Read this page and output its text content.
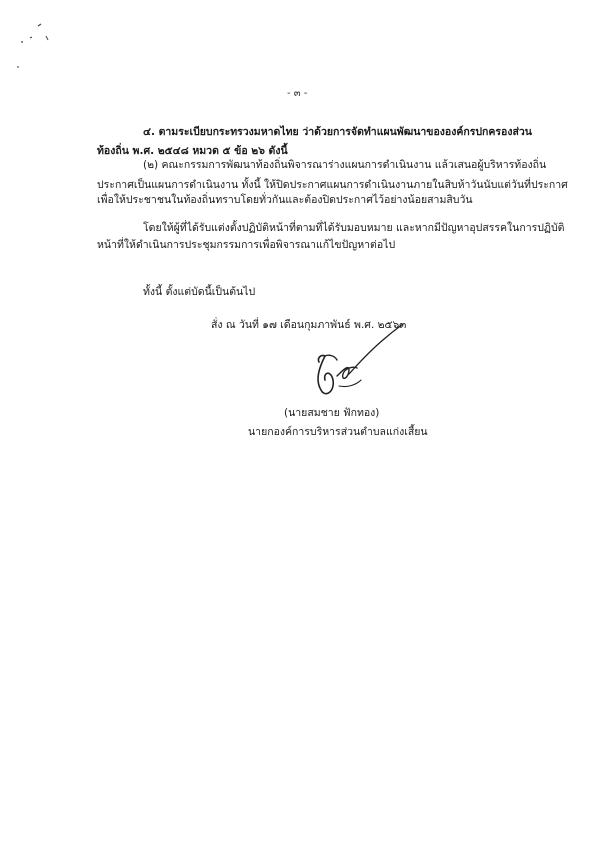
- ๓ -
๔. ตามระเบียบกระทรวงมหาดไทย ว่าด้วยการจัดทำแผนพัฒนาขององค์กรปกครองส่วน
ท้องถิ่น พ.ศ. ๒๕๔๘ หมวด ๕ ข้อ ๒๖ ดังนี้
(๒) คณะกรรมการพัฒนาท้องถิ่นพิจารณาร่างแผนการดำเนินงาน แล้วเสนอผู้บริหารท้องถิ่น
ประกาศเป็นแผนการดำเนินงาน ทั้งนี้ ให้ปิดประกาศแผนการดำเนินงานภายในสิบห้าวันนับแต่วันที่ประกาศ
เพื่อให้ประชาชนในท้องถิ่นทราบโดยทั่วกันและต้องปิดประกาศไว้อย่างน้อยสามสิบวัน
โดยให้ผู้ที่ได้รับแต่งตั้งปฏิบัติหน้าที่ตามที่ได้รับมอบหมาย และหากมีปัญหาอุปสรรคในการปฏิบัติ
หน้าที่ให้ดำเนินการประชุมกรรมการเพื่อพิจารณาแก้ไขปัญหาต่อไป
ทั้งนี้ ตั้งแต่บัดนี้เป็นต้นไป
สั่ง ณ วันที่ ๑๗ เดือนกุมภาพันธ์ พ.ศ. ๒๕๖๓
(นายสมชาย ฟักทอง)
นายกองค์การบริหารส่วนตำบลแก่งเสี้ยน
